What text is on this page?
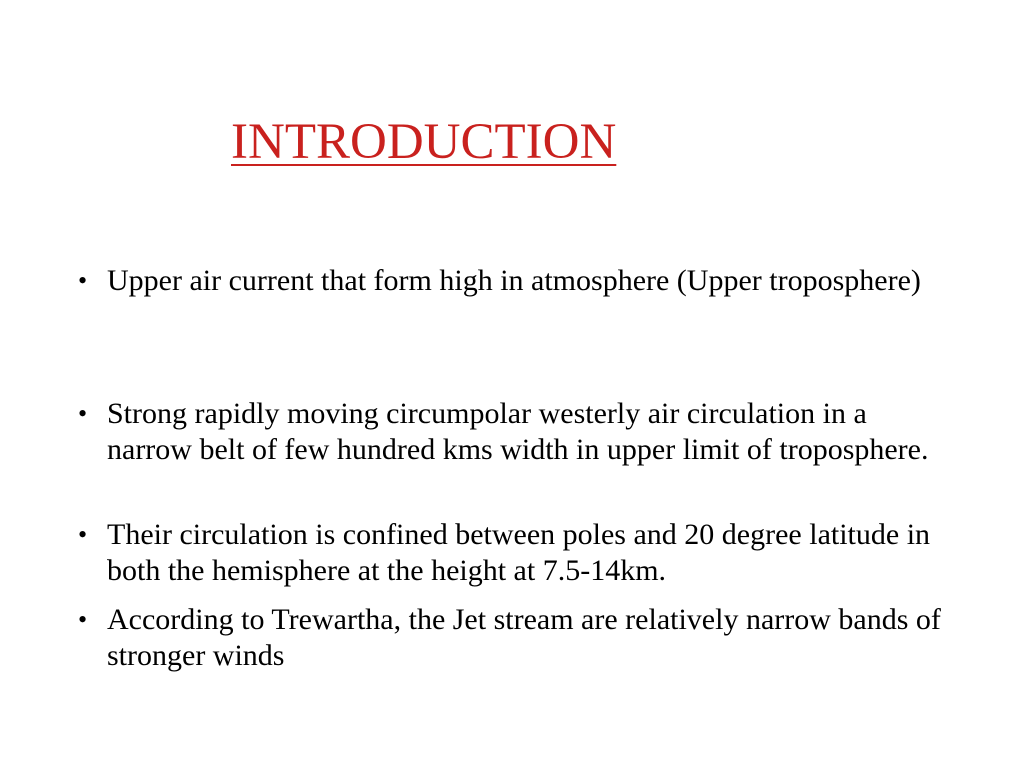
INTRODUCTION
• Upper air current that form high in atmosphere (Upper troposphere)
• Strong rapidly moving circumpolar westerly air circulation in a narrow belt of few hundred kms width in upper limit of troposphere.
• Their circulation is confined between poles and 20 degree latitude in both the hemisphere at the height at 7.5-14km.
• According to Trewartha, the Jet stream are relatively narrow bands of stronger winds
